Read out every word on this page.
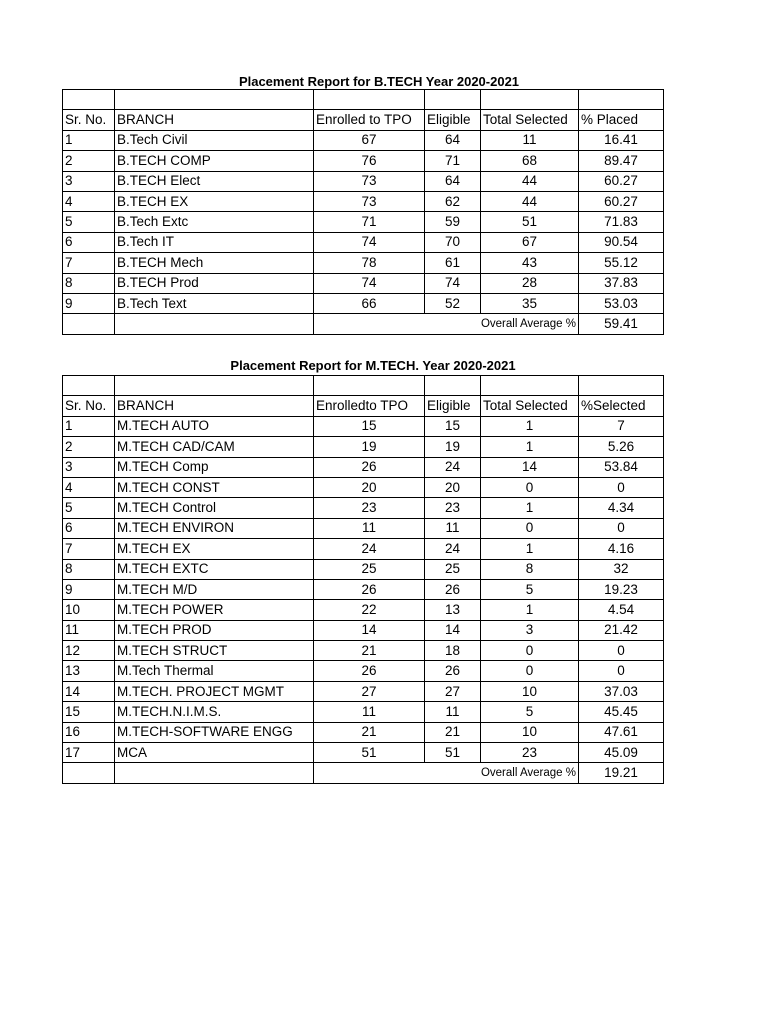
Placement Report for B.TECH Year 2020-2021

Sr. No.	BRANCH	Enrolled to TPO	Eligible	Total Selected	% Placed
1	B.Tech Civil	67	64	11	16.41
2	B.TECH COMP	76	71	68	89.47
3	B.TECH Elect	73	64	44	60.27
4	B.TECH EX	73	62	44	60.27
5	B.Tech Extc	71	59	51	71.83
6	B.Tech IT	74	70	67	90.54
7	B.TECH Mech	78	61	43	55.12
8	B.TECH Prod	74	74	28	37.83
9	B.Tech Text	66	52	35	53.03
			Overall Average %		59.41
Placement Report for M.TECH. Year 2020-2021

Sr. No.	BRANCH	Enrolledto TPO	Eligible	Total Selected	%Selected
1	M.TECH AUTO	15	15	1	7
2	M.TECH CAD/CAM	19	19	1	5.26
3	M.TECH Comp	26	24	14	53.84
4	M.TECH CONST	20	20	0	0
5	M.TECH Control	23	23	1	4.34
6	M.TECH ENVIRON	11	11	0	0
7	M.TECH EX	24	24	1	4.16
8	M.TECH EXTC	25	25	8	32
9	M.TECH M/D	26	26	5	19.23
10	M.TECH POWER	22	13	1	4.54
11	M.TECH PROD	14	14	3	21.42
12	M.TECH STRUCT	21	18	0	0
13	M.Tech Thermal	26	26	0	0
14	M.TECH. PROJECT MGMT	27	27	10	37.03
15	M.TECH.N.I.M.S.	11	11	5	45.45
16	M.TECH-SOFTWARE ENGG	21	21	10	47.61
17	MCA	51	51	23	45.09
			Overall Average %		19.21
